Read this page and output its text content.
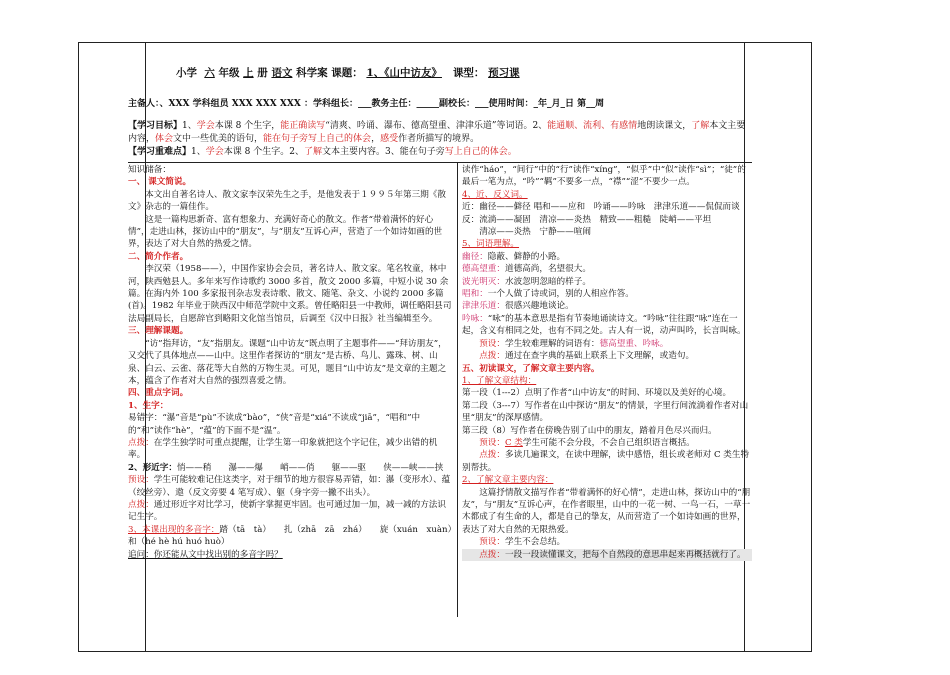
小学 六 年级 上 册 语文 科学案 课题： 1、《山中访友》 课型： 预习课
主备人：、XXX 学科组员 XXX XXX XXX ：学科组长：___教务主任：_____副校长：___使用时间：_年_月_日 第__周

【学习目标】1、学会本课 8 个生字，能正确读写“清爽、吟诵、瀑布、德高望重、津津乐道”等词语。2、能通顺、流利、有感情地朗读课文，了解本文主要内容，体会文中一些优美的语句，能在句子旁写上自己的体会，感受作者所描写的境界。

【学习重难点】1、学会本课 8 个生字。2、了解文本主要内容。3、能在句子旁写上自己的体会。

知识储备：

一、 课文简说。

本文出自著名诗人、散文家李汉荣先生之手，是他发表于１９９５年第三期《散文》杂志的一篇佳作。

这是一篇构思新奇、富有想象力、充满好奇心的散文。作者“带着满怀的好心情”，走进山林，探访山中的“朋友”，与“朋友”互诉心声，营造了一个如诗如画的世界，表达了对大自然的热爱之情。

二、简介作者。

李汉荣（1958——），中国作家协会会员，著名诗人、散文家。笔名牧童，林中河，陕西勉县人。多年来写作诗歌约 3000 多首，散文 2000 多篇，中短小说 30 余篇。在海内外 100 多家报刊杂志发表诗歌、散文、随笔、杂文、小说约 2000 多篇(首)。1982 年毕业于陕西汉中师范学院中文系。曾任略阳县一中教师，调任略阳县司法局副局长，自愿辞官到略阳文化馆当馆员，后调至《汉中日报》社当编辑至今。

三、理解课题。

“访”指拜访，“友”指朋友。课题“山中访友”既点明了主题事件——“拜访朋友”，又交代了具体地点——山中。这里作者探访的“朋友”是古桥、鸟儿、露珠、树、山泉、白云、云雀、落花等大自然的万物生灵。可见，题目“山中访友”是文章的主题之本，蕴含了作者对大自然的强烈喜爱之情。

四、重点字词。

1、生字：

易错字：“瀑”音是“pù”不读成“bào”，“侠”音是“xiá”不读成“jiā”，“唱和”中的“和”读作“hè”，“蕴”的下面不是“温”。

点拨：在学生独学时可重点提醒，让学生第一印象就把这个字记住，减少出错的机率。

2、形近字：悄——稍　　瀑——爆　　峭——俏　　躯——驱　　侠——峡——挟

预设：学生可能较难记住这类字，对于细节的地方很容易弄错，如：瀑（变形水）、蕴（绞丝旁）、遨（反文旁要 4 笔写成）、躯（身字旁一撇不出头）。

点拨：通过形近字对比学习，使新字掌握更牢固。也可通过加一加，减一减的方法识记生字。

3、本课出现的多音字：踏（tā　tà）　　扎（zhā　zā　zhá）　　旋（xuán　xuàn）和（hé hè hú huó huò）

追问：你还能从文中找出别的多音字吗？

读作“háo”，“间行”中的“行”读作“xíng”，“似乎”中“似”读作“sì”；“徒”的最后一笔为点，“吟”“羁”不要多一点，“襟”“涩”不要少一点。

4、近、反义词。

近：幽径——僻径 唱和——应和　吟诵——吟咏　津津乐道——侃侃而谈

反：流淌——凝固　清凉——炎热　精致——粗糙　陡峭——平坦

清凉——炎热　宁静——喧闹

5、词语理解。

幽径：隐蔽、僻静的小路。

德高望重：道德高尚，名望很大。

波光明灭：水波忽明忽暗的样子。

唱和：一个人做了诗或词，别的人相应作答。

津津乐道：很感兴趣地谈论。

吟咏：“咏”的基本意思是指有节奏地诵读诗文。“吟咏”往往跟“咏”连在一起，含义有相同之处，也有不同之处。古人有一说，动声叫吟，长言叫咏。

预设：学生较难理解的词语有：德高望重、吟咏。

点拨：通过在查字典的基础上联系上下文理解，或造句。

五、初读课文，了解文章主要内容。

1、了解文章结构：

第一段（1---2）点明了作者“山中访友”的时间、环境以及美好的心境。

第二段（3---7）写作者在山中探访“朋友”的情景，字里行间流淌着作者对山里“朋友”的深厚感情。

第三段（8）写作者在傍晚告别了山中的朋友，踏着月色尽兴而归。

预设：C 类学生可能不会分段，不会自己组织语言概括。

点拨：多读几遍课文，在读中理解，读中感悟，组长或老师对 C 类生特别帮扶。

2、了解文章主要内容：

这篇抒情散文描写作者“带着满怀的好心情”，走进山林，探访山中的“朋友”，与“朋友”互诉心声，在作者眼里，山中的一花一树、一鸟一石，一草一木都成了有生命的人，都是自己的挚友，从而营造了一个如诗如画的世界，表达了对大自然的无限热爱。

预设：学生不会总结。

点拨：一段一段读懂课文，把每个自然段的意思串起来再概括就行了。
